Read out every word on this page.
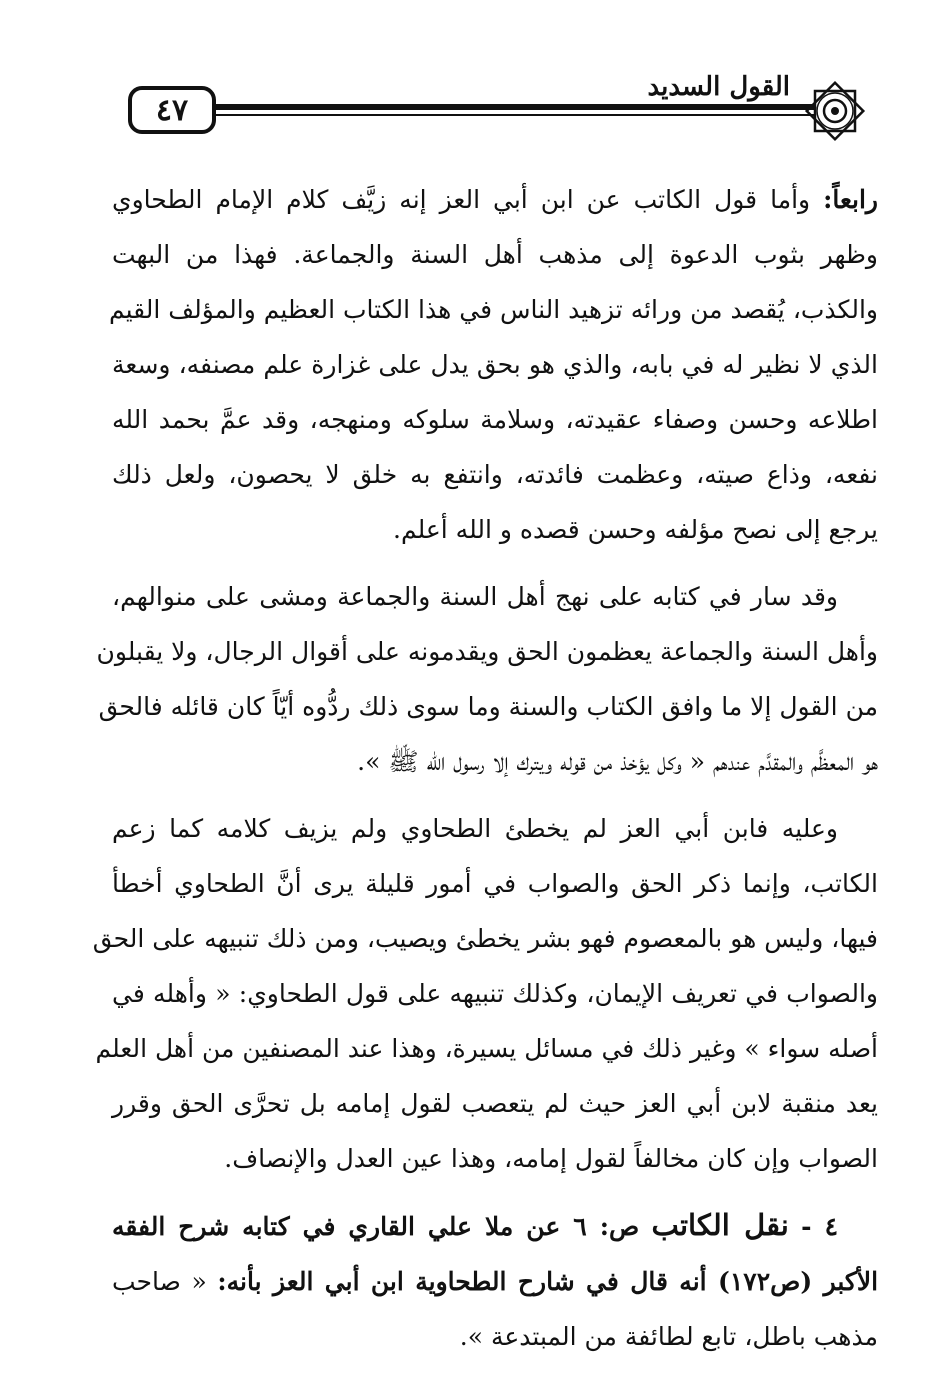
٤٧
القول السديد
رابعاً: وأما قول الكاتب عن ابن أبي العز إنه زيَّف كلام الإمام الطحاوي
وظهر بثوب الدعوة إلى مذهب أهل السنة والجماعة. فهذا من البهت
والكذب، يُقصد من ورائه تزهيد الناس في هذا الكتاب العظيم والمؤلف القيم
الذي لا نظير له في بابه، والذي هو بحق يدل على غزارة علم مصنفه، وسعة
اطلاعه وحسن وصفاء عقيدته، وسلامة سلوكه ومنهجه، وقد عمَّ بحمد الله
نفعه، وذاع صيته، وعظمت فائدته، وانتفع به خلق لا يحصون، ولعل ذلك
يرجع إلى نصح مؤلفه وحسن قصده و الله أعلم.
وقد سار في كتابه على نهج أهل السنة والجماعة ومشى على منوالهم،
وأهل السنة والجماعة يعظمون الحق ويقدمونه على أقوال الرجال، ولا يقبلون
من القول إلا ما وافق الكتاب والسنة وما سوى ذلك ردُّوه أيّاً كان قائله فالحق
هو المعظَّم والمقدَّم عندهم « وكل يؤخذ من قوله ويترك إلا رسول الله ﷺ ».
وعليه فابن أبي العز لم يخطئ الطحاوي ولم يزيف كلامه كما زعم
الكاتب، وإنما ذكر الحق والصواب في أمور قليلة يرى أنَّ الطحاوي أخطأ
فيها، وليس هو بالمعصوم فهو بشر يخطئ ويصيب، ومن ذلك تنبيهه على الحق
والصواب في تعريف الإيمان، وكذلك تنبيهه على قول الطحاوي: « وأهله في
أصله سواء » وغير ذلك في مسائل يسيرة، وهذا عند المصنفين من أهل العلم
يعد منقبة لابن أبي العز حيث لم يتعصب لقول إمامه بل تحرَّى الحق وقرر
الصواب وإن كان مخالفاً لقول إمامه، وهذا عين العدل والإنصاف.
٤ - نقل الكاتب ص: ٦ عن ملا علي القاري في كتابه شرح الفقه
الأكبر (ص١٧٢) أنه قال في شارح الطحاوية ابن أبي العز بأنه: « صاحب
مذهب باطل، تابع لطائفة من المبتدعة ».
